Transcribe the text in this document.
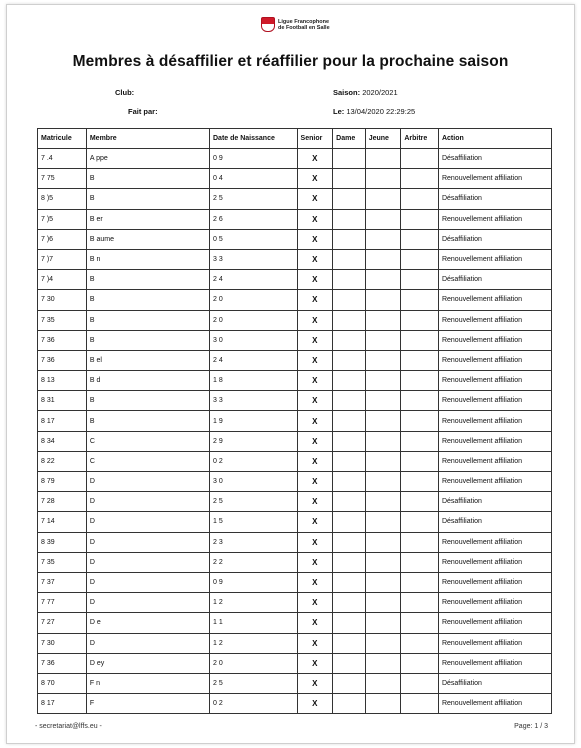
Ligue Francophone
de Football en Salle
Membres à désaffilier et réaffilier pour la prochaine saison
Club:
Fait par:
Saison: 2020/2021
Le: 13/04/2020 22:29:25
Matricule	Membre	Date de Naissance	Senior	Dame	Jeune	Arbitre	Action
7 .4	A ppe	0 9	X				Désaffiliation
7 75	B	0 4	X				Renouvellement affiliation
8 )5	B	2 5	X				Désaffiliation
7 )5	B er	2 6	X				Renouvellement affiliation
7 )6	B aume	0 5	X				Désaffiliation
7 )7	B n	3 3	X				Renouvellement affiliation
7 )4	B	2 4	X				Désaffiliation
7 30	B	2 0	X				Renouvellement affiliation
7 35	B	2 0	X				Renouvellement affiliation
7 36	B	3 0	X				Renouvellement affiliation
7 36	B el	2 4	X				Renouvellement affiliation
8 13	B d	1 8	X				Renouvellement affiliation
8 31	B	3 3	X				Renouvellement affiliation
8 17	B	1 9	X				Renouvellement affiliation
8 34	C	2 9	X				Renouvellement affiliation
8 22	C	0 2	X				Renouvellement affiliation
8 79	D	3 0	X				Renouvellement affiliation
7 28	D	2 5	X				Désaffiliation
7 14	D	1 5	X				Désaffiliation
8 39	D	2 3	X				Renouvellement affiliation
7 35	D	2 2	X				Renouvellement affiliation
7 37	D	0 9	X				Renouvellement affiliation
7 77	D	1 2	X				Renouvellement affiliation
7 27	D e	1 1	X				Renouvellement affiliation
7 30	D	1 2	X				Renouvellement affiliation
7 36	D ey	2 0	X				Renouvellement affiliation
8 70	F n	2 5	X				Désaffiliation
8 17	F	0 2	X				Renouvellement affiliation
- secretariat@lffs.eu -	Page: 1 / 3
